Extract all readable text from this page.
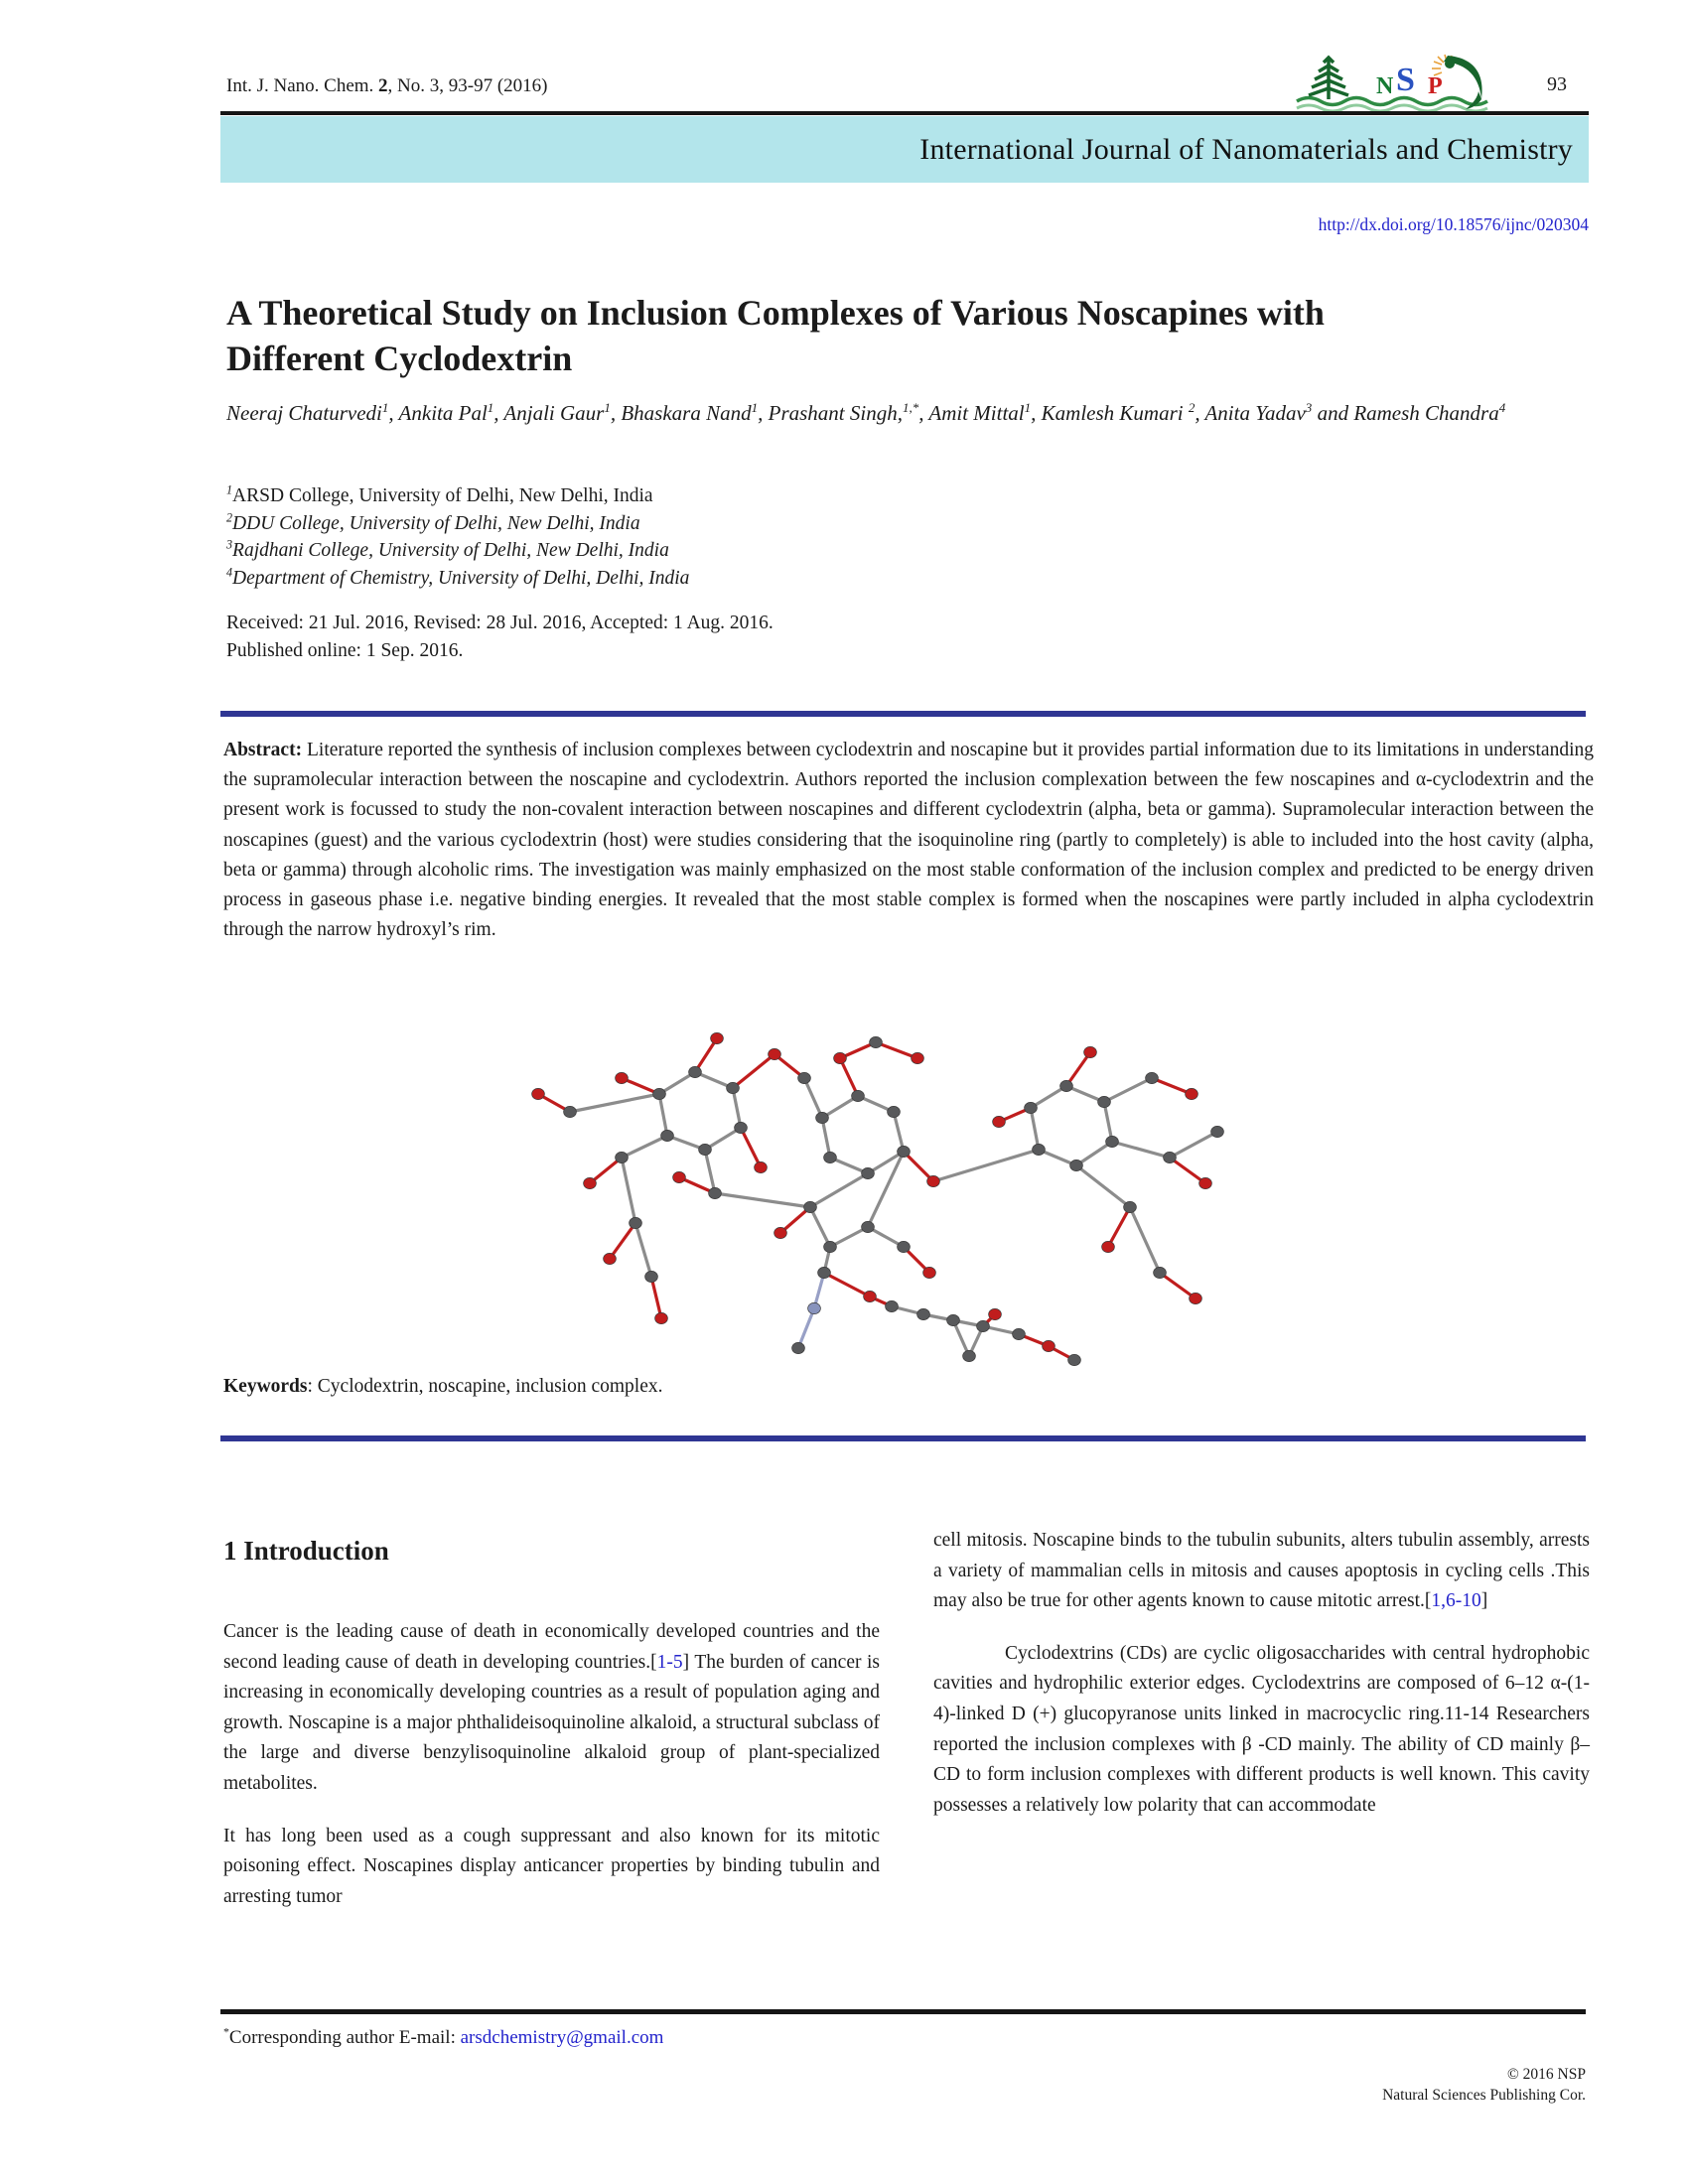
Int. J. Nano. Chem. 2, No. 3, 93-97 (2016)	93
N S P
International Journal of Nanomaterials and Chemistry
http://dx.doi.org/10.18576/ijnc/020304
A Theoretical Study on Inclusion Complexes of Various Noscapines with
Different Cyclodextrin
Neeraj Chaturvedi$^1$, Ankita Pal$^1$, Anjali Gaur$^1$, Bhaskara Nand$^1$, Prashant Singh,$^{1,*}$, Amit Mittal$^1$, Kamlesh Kumari $^2$, Anita Yadav$^3$ and Ramesh Chandra$^4$
$^1$ARSD College, University of Delhi, New Delhi, India
$^2$DDU College, University of Delhi, New Delhi, India
$^3$Rajdhani College, University of Delhi, New Delhi, India
$^4$Department of Chemistry, University of Delhi, Delhi, India
Received: 21 Jul. 2016, Revised: 28 Jul. 2016, Accepted: 1 Aug. 2016.
Published online: 1 Sep. 2016.

Abstract: Literature reported the synthesis of inclusion complexes between cyclodextrin and noscapine but it provides partial information due to its limitations in understanding the supramolecular interaction between the noscapine and cyclodextrin. Authors reported the inclusion complexation between the few noscapines and α-cyclodextrin and the present work is focussed to study the non-covalent interaction between noscapines and different cyclodextrin (alpha, beta or gamma). Supramolecular interaction between the noscapines (guest) and the various cyclodextrin (host) were studies considering that the isoquinoline ring (partly to completely) is able to included into the host cavity (alpha, beta or gamma) through alcoholic rims. The investigation was mainly emphasized on the most stable conformation of the inclusion complex and predicted to be energy driven process in gaseous phase i.e. negative binding energies. It revealed that the most stable complex is formed when the noscapines were partly included in alpha cyclodextrin through the narrow hydroxyl’s rim.

Keywords: Cyclodextrin, noscapine, inclusion complex.
1 Introduction

Cancer is the leading cause of death in economically developed countries and the second leading cause of death in developing countries.[1-5] The burden of cancer is increasing in economically developing countries as a result of population aging and growth. Noscapine is a major phthalideisoquinoline alkaloid, a structural subclass of the large and diverse benzylisoquinoline alkaloid group of plant-specialized metabolites.

It has long been used as a cough suppressant and also known for its mitotic poisoning effect. Noscapines display anticancer properties by binding tubulin and arresting tumor

cell mitosis. Noscapine binds to the tubulin subunits, alters tubulin assembly, arrests a variety of mammalian cells in mitosis and causes apoptosis in cycling cells .This may also be true for other agents known to cause mitotic arrest.[1,6-10]

Cyclodextrins (CDs) are cyclic oligosaccharides with central hydrophobic cavities and hydrophilic exterior edges. Cyclodextrins are composed of 6–12 α-(1-4)-linked D (+) glucopyranose units linked in macrocyclic ring.11-14 Researchers reported the inclusion complexes with β -CD mainly. The ability of CD mainly β–CD to form inclusion complexes with different products is well known. This cavity possesses a relatively low polarity that can accommodate

*Corresponding author E-mail: arsdchemistry@gmail.com
© 2016 NSP
Natural Sciences Publishing Cor.
